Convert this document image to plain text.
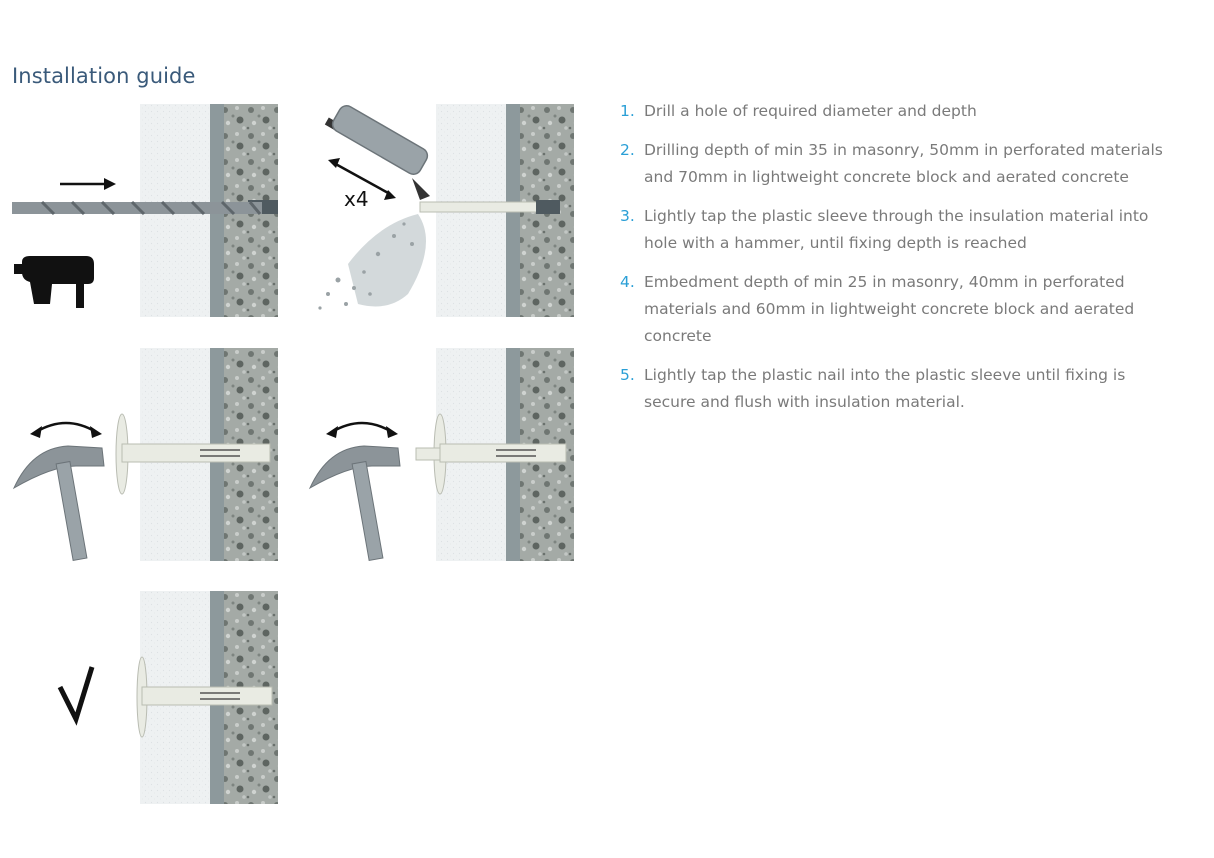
Installation guide
x4
1. Drill a hole of required diameter and depth
2. Drilling depth of min 35 in masonry, 50mm in perforated materials and 70mm in lightweight concrete block and aerated concrete
3. Lightly tap the plastic sleeve through the insulation material into hole with a hammer, until fixing depth is reached
4. Embedment depth of min 25 in masonry, 40mm in perforated materials and 60mm in lightweight concrete block and aerated concrete
5. Lightly tap the plastic nail into the plastic sleeve until fixing is secure and flush with insulation material.
